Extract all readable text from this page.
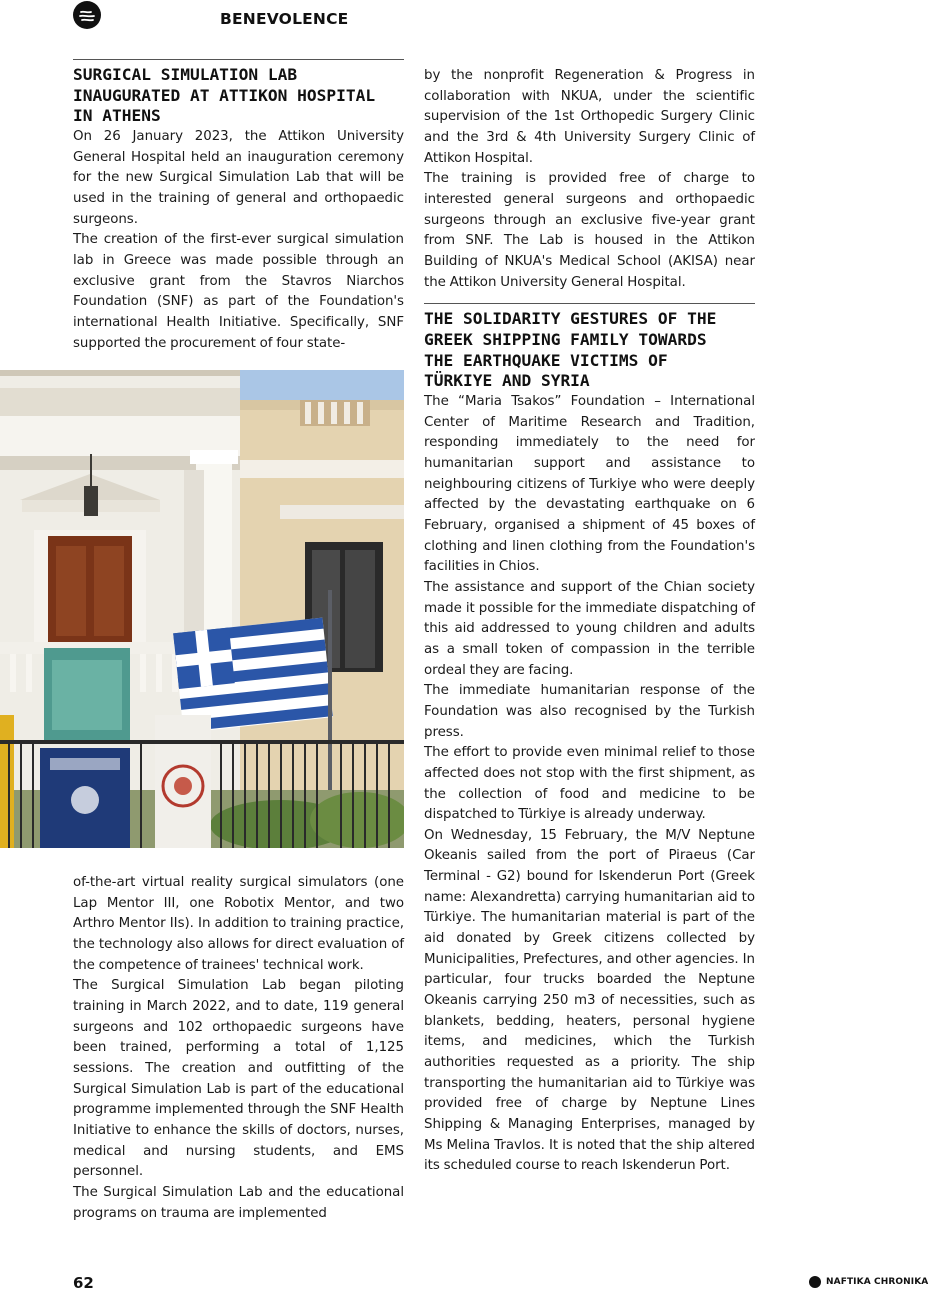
BENEVOLENCE
SURGICAL SIMULATION LAB
INAUGURATED AT ATTIKON HOSPITAL
IN ATHENS

On 26 January 2023, the Attikon University General Hospital held an inauguration ceremony for the new Surgical Simulation Lab that will be used in the training of general and orthopaedic surgeons.

The creation of the first-ever surgical simulation lab in Greece was made possible through an exclusive grant from the Stavros Niarchos Foundation (SNF) as part of the Foundation's international Health Initiative. Specifically, SNF supported the procurement of four state-

of-the-art virtual reality surgical simulators (one Lap Mentor III, one Robotix Mentor, and two Arthro Mentor IIs). In addition to training practice, the technology also allows for direct evaluation of the competence of trainees' technical work.

The Surgical Simulation Lab began piloting training in March 2022, and to date, 119 general surgeons and 102 orthopaedic surgeons have been trained, performing a total of 1,125 sessions. The creation and outfitting of the Surgical Simulation Lab is part of the educational programme implemented through the SNF Health Initiative to enhance the skills of doctors, nurses, medical and nursing students, and EMS personnel.

The Surgical Simulation Lab and the educational programs on trauma are implemented

by the nonprofit Regeneration & Progress in collaboration with NKUA, under the scientific supervision of the 1st Orthopedic Surgery Clinic and the 3rd & 4th University Surgery Clinic of Attikon Hospital.

The training is provided free of charge to interested general surgeons and orthopaedic surgeons through an exclusive five-year grant from SNF. The Lab is housed in the Attikon Building of NKUA's Medical School (AKISA) near the Attikon University General Hospital.

THE SOLIDARITY GESTURES OF THE
GREEK SHIPPING FAMILY TOWARDS
THE EARTHQUAKE VICTIMS OF
TÜRKIYE AND SYRIA

The “Maria Tsakos” Foundation – International Center of Maritime Research and Tradition, responding immediately to the need for humanitarian support and assistance to neighbouring citizens of Turkiye who were deeply affected by the devastating earthquake on 6 February, organised a shipment of 45 boxes of clothing and linen clothing from the Foundation's facilities in Chios.

The assistance and support of the Chian society made it possible for the immediate dispatching of this aid addressed to young children and adults as a small token of compassion in the terrible ordeal they are facing.

The immediate humanitarian response of the Foundation was also recognised by the Turkish press.

The effort to provide even minimal relief to those affected does not stop with the first shipment, as the collection of food and medicine to be dispatched to Türkiye is already underway.

On Wednesday, 15 February, the M/V Neptune Okeanis sailed from the port of Piraeus (Car Terminal - G2) bound for Iskenderun Port (Greek name: Alexandretta) carrying humanitarian aid to Türkiye. The humanitarian material is part of the aid donated by Greek citizens collected by Municipalities, Prefectures, and other agencies. In particular, four trucks boarded the Neptune Okeanis carrying 250 m3 of necessities, such as blankets, bedding, heaters, personal hygiene items, and medicines, which the Turkish authorities requested as a priority. The ship transporting the humanitarian aid to Türkiye was provided free of charge by Neptune Lines Shipping & Managing Enterprises, managed by Ms Melina Travlos. It is noted that the ship altered its scheduled course to reach Iskenderun Port.

62	NAFTIKA CHRONIKA
